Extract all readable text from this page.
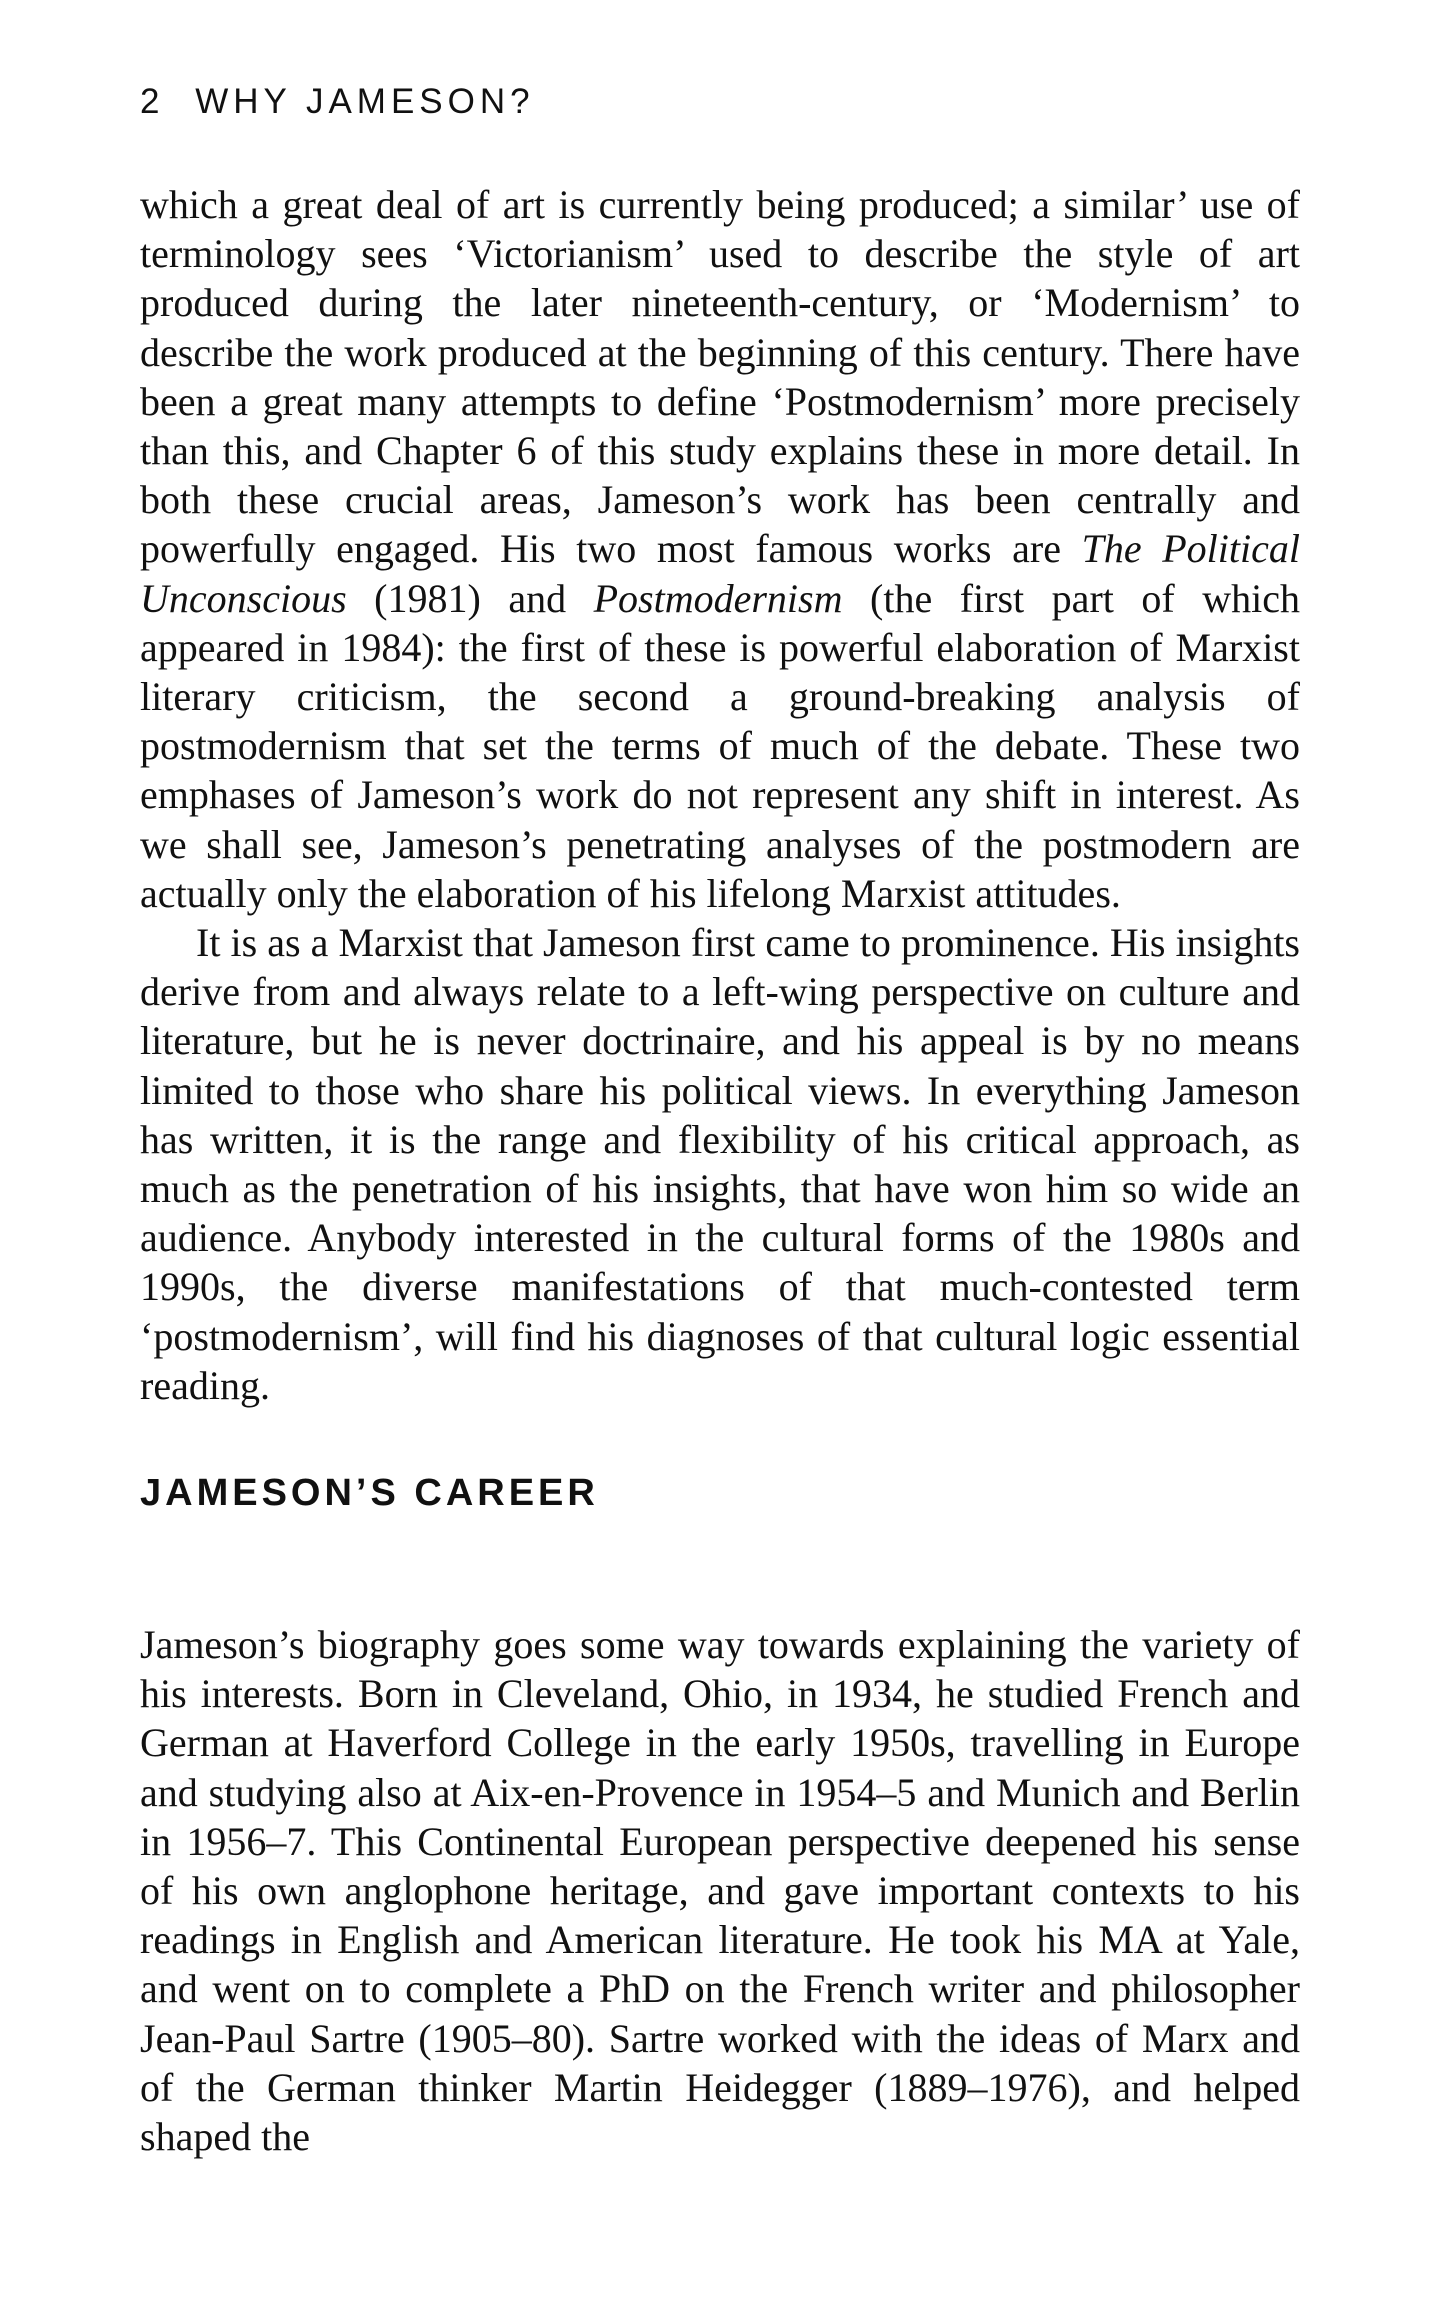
2 WHY JAMESON?

which a great deal of art is currently being produced; a similar’ use of terminology sees ‘Victorianism’ used to describe the style of art produced during the later nineteenth-century, or ‘Modernism’ to describe the work produced at the beginning of this century. There have been a great many attempts to define ‘Postmodernism’ more precisely than this, and Chapter 6 of this study explains these in more detail. In both these crucial areas, Jameson’s work has been centrally and powerfully engaged. His two most famous works are The Political Unconscious (1981) and Postmodernism (the first part of which appeared in 1984): the first of these is powerful elaboration of Marxist literary criticism, the second a ground-breaking analysis of postmodernism that set the terms of much of the debate. These two emphases of Jameson’s work do not represent any shift in interest. As we shall see, Jameson’s penetrating analyses of the postmodern are actually only the elaboration of his lifelong Marxist attitudes.

It is as a Marxist that Jameson first came to prominence. His insights derive from and always relate to a left-wing perspective on culture and literature, but he is never doctrinaire, and his appeal is by no means limited to those who share his political views. In everything Jameson has written, it is the range and flexibility of his critical approach, as much as the penetration of his insights, that have won him so wide an audience. Anybody interested in the cultural forms of the 1980s and 1990s, the diverse manifestations of that much-contested term ‘postmodernism’, will find his diagnoses of that cultural logic essential reading.

JAMESON’S CAREER

Jameson’s biography goes some way towards explaining the variety of his interests. Born in Cleveland, Ohio, in 1934, he studied French and German at Haverford College in the early 1950s, travelling in Europe and studying also at Aix-en-Provence in 1954–5 and Munich and Berlin in 1956–7. This Continental European perspective deepened his sense of his own anglophone heritage, and gave important contexts to his readings in English and American literature. He took his MA at Yale, and went on to complete a PhD on the French writer and philosopher Jean-Paul Sartre (1905–80). Sartre worked with the ideas of Marx and of the German thinker Martin Heidegger (1889–1976), and helped shaped the
